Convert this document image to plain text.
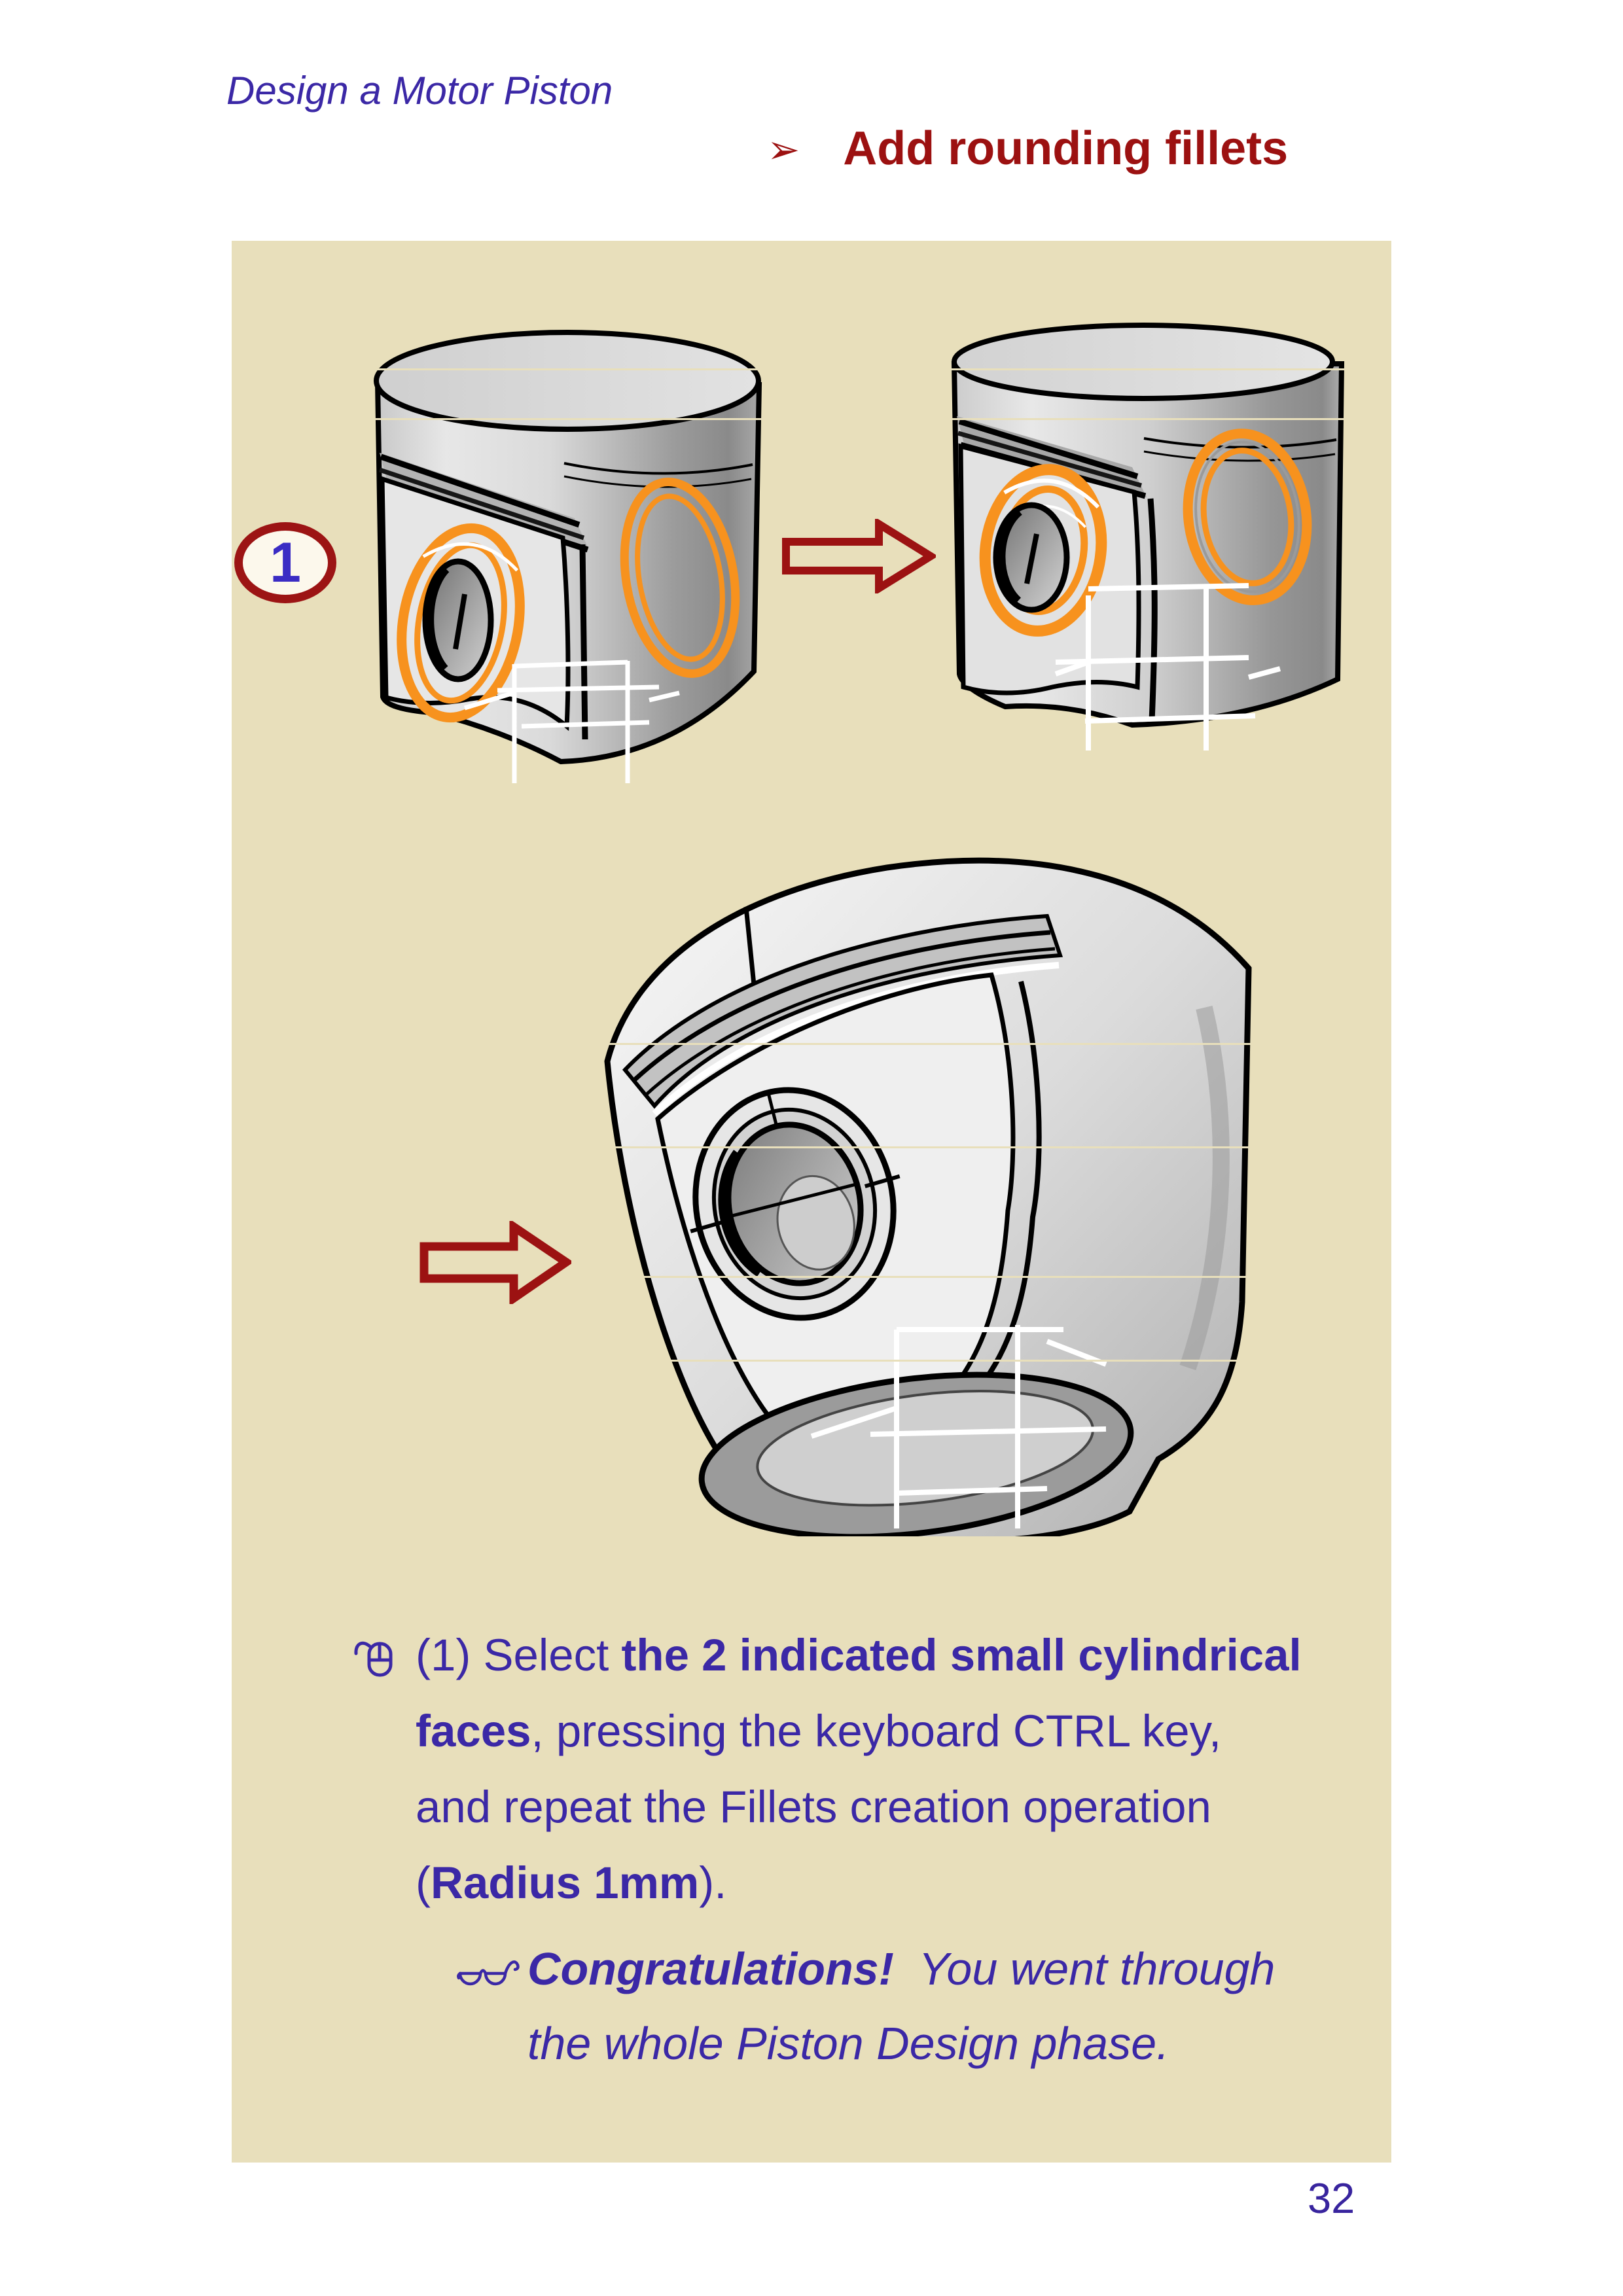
Design a Motor Piston
➢ Add rounding fillets
1
(1) Select the 2 indicated small cylindrical
faces, pressing the keyboard CTRL key,
and repeat the Fillets creation operation
(Radius 1mm).
Congratulations!  You went through
the whole Piston Design phase.
32
